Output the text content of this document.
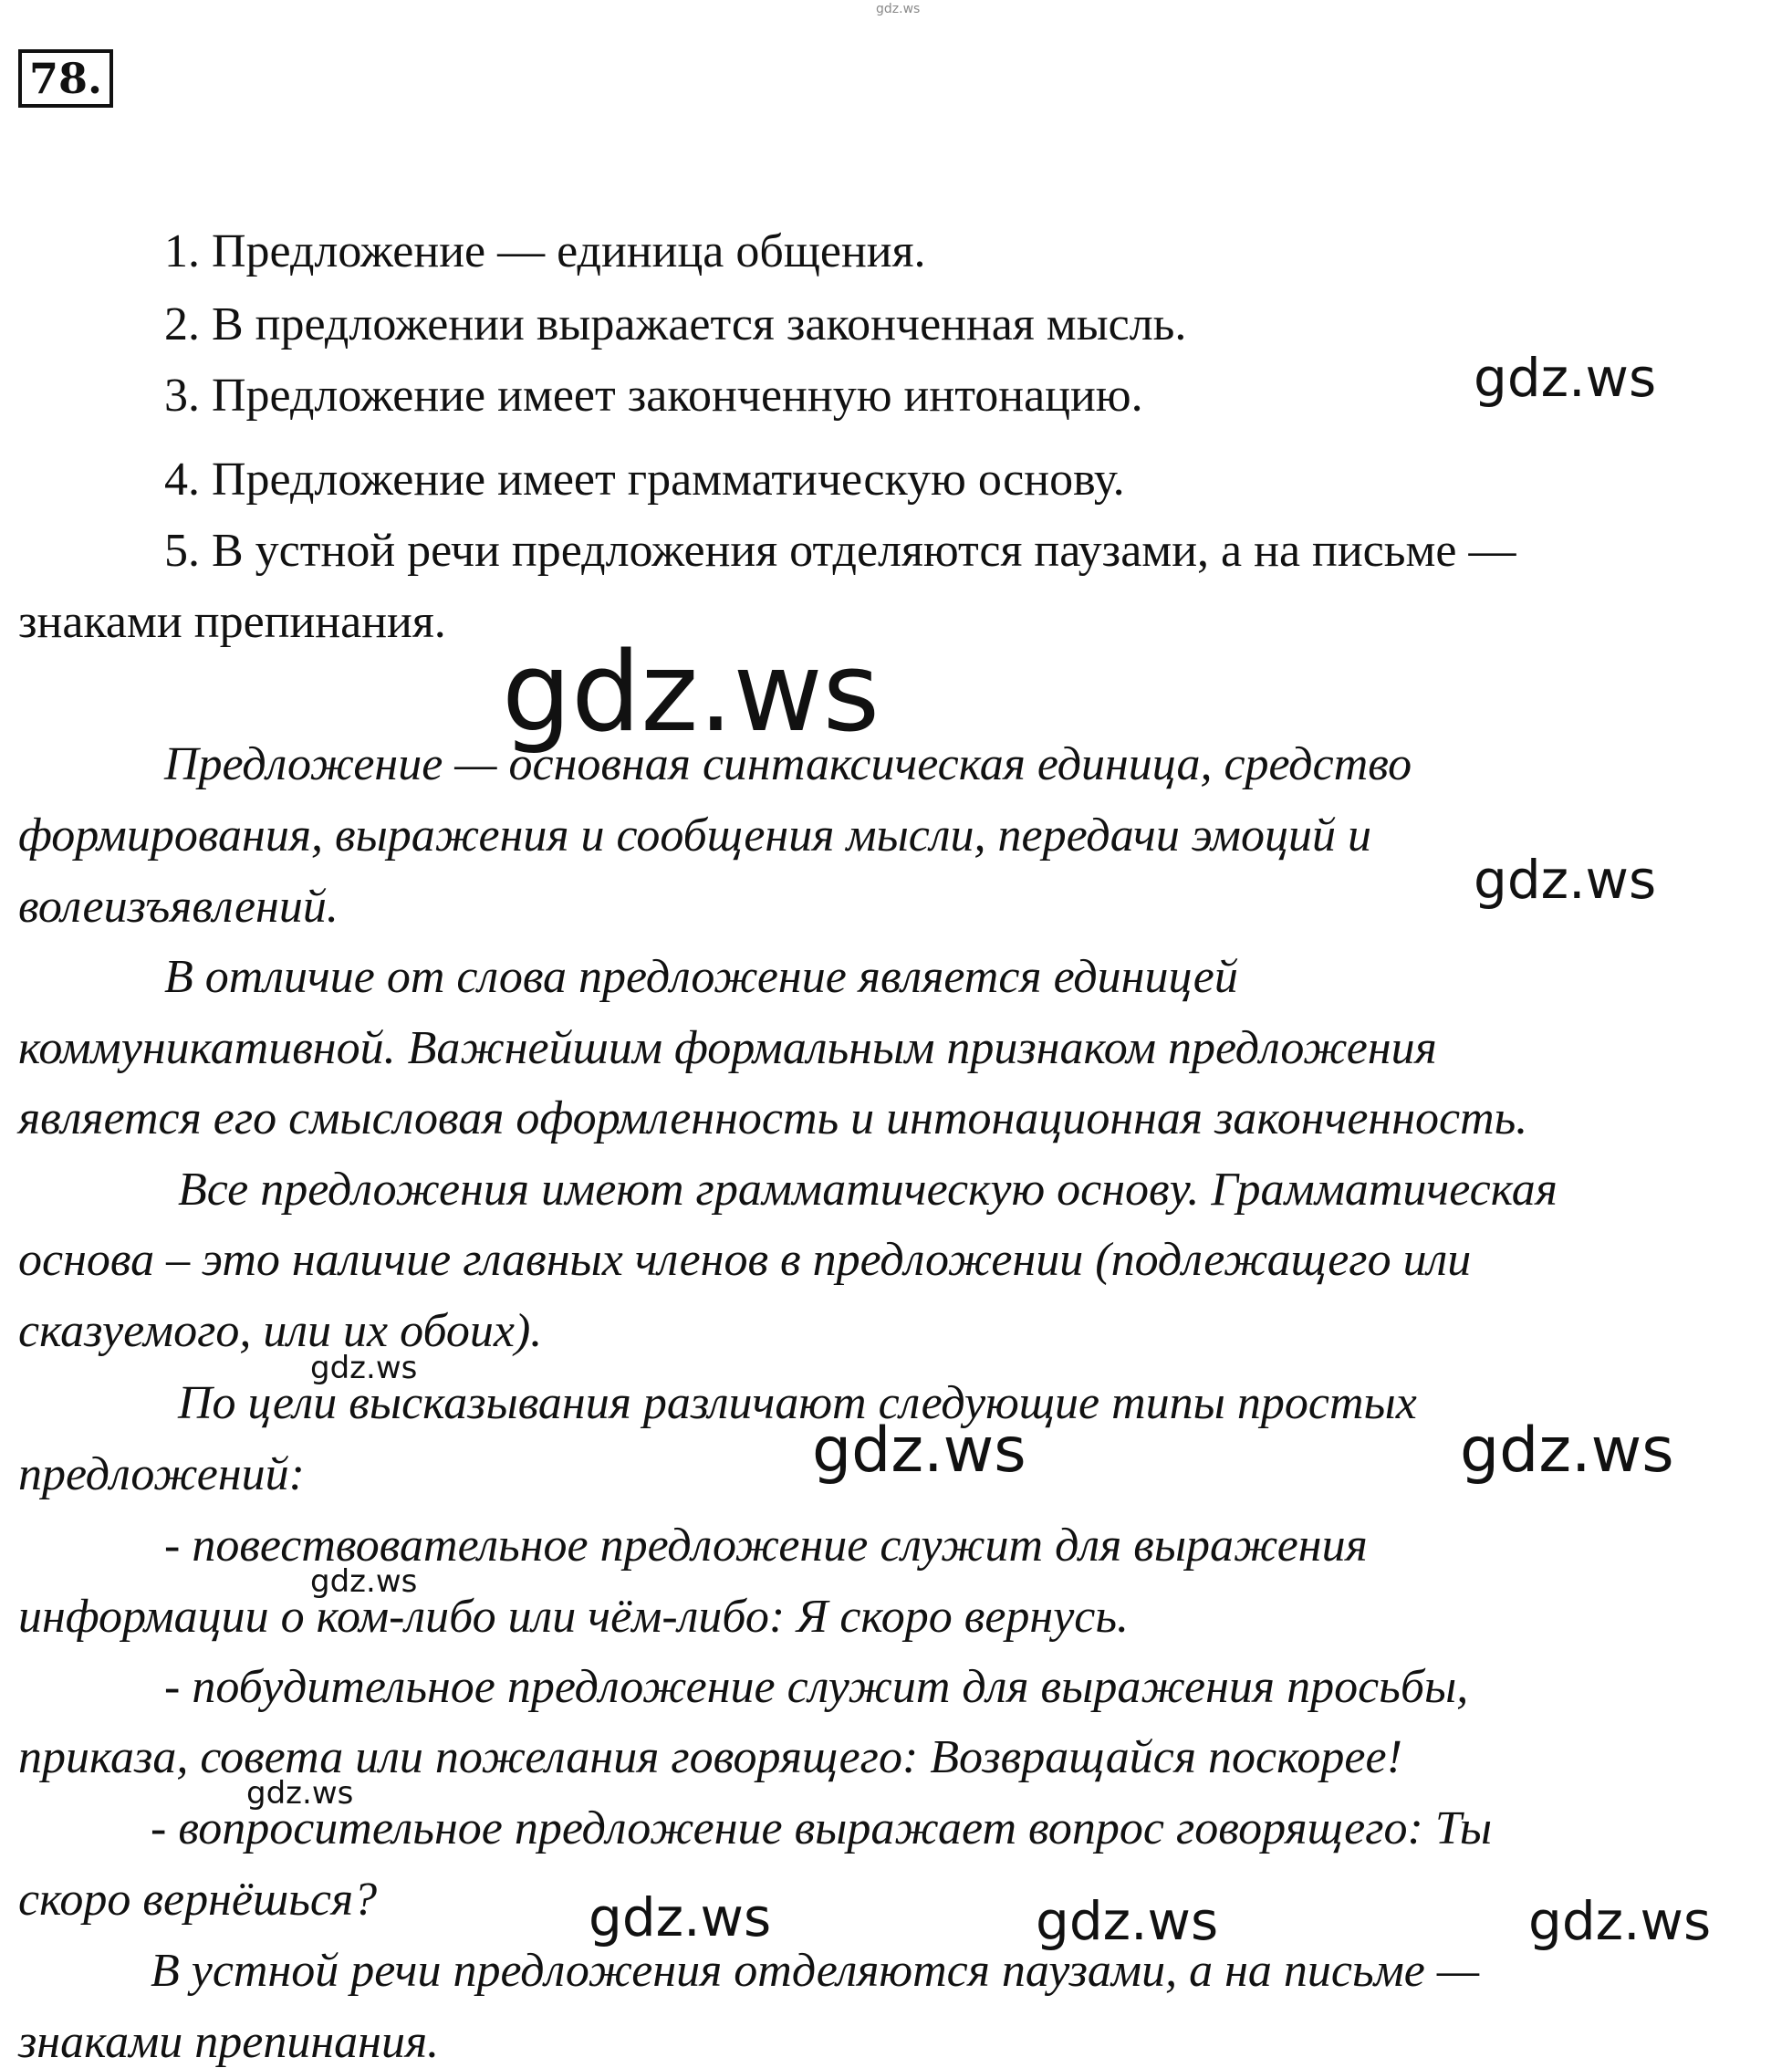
gdz.ws
78.
1. Предложение — единица общения.
2. В предложении выражается законченная мысль.
3. Предложение имеет законченную интонацию.
4. Предложение имеет грамматическую основу.
5. В устной речи предложения отделяются паузами, а на письме —
знаками препинания.
Предложение — основная синтаксическая единица, средство
формирования, выражения и сообщения мысли, передачи эмоций и
волеизъявлений.
В отличие от слова предложение является единицей
коммуникативной. Важнейшим формальным признаком предложения
является его смысловая оформленность и интонационная законченность.
Все предложения имеют грамматическую основу. Грамматическая
основа – это наличие главных членов в предложении (подлежащего или
сказуемого, или их обоих).
По цели высказывания различают следующие типы простых
предложений:
- повествовательное предложение служит для выражения
информации о ком-либо или чём-либо: Я скоро вернусь.
- побудительное предложение служит для выражения просьбы,
приказа, совета или пожелания говорящего: Возвращайся поскорее!
- вопросительное предложение выражает вопрос говорящего: Ты
скоро вернёшься?
В устной речи предложения отделяются паузами, а на письме —
знаками препинания.
gdz.ws
gdz.ws
gdz.ws
gdz.ws
gdz.ws	gdz.ws
gdz.ws
gdz.ws
gdz.ws	gdz.ws	gdz.ws
